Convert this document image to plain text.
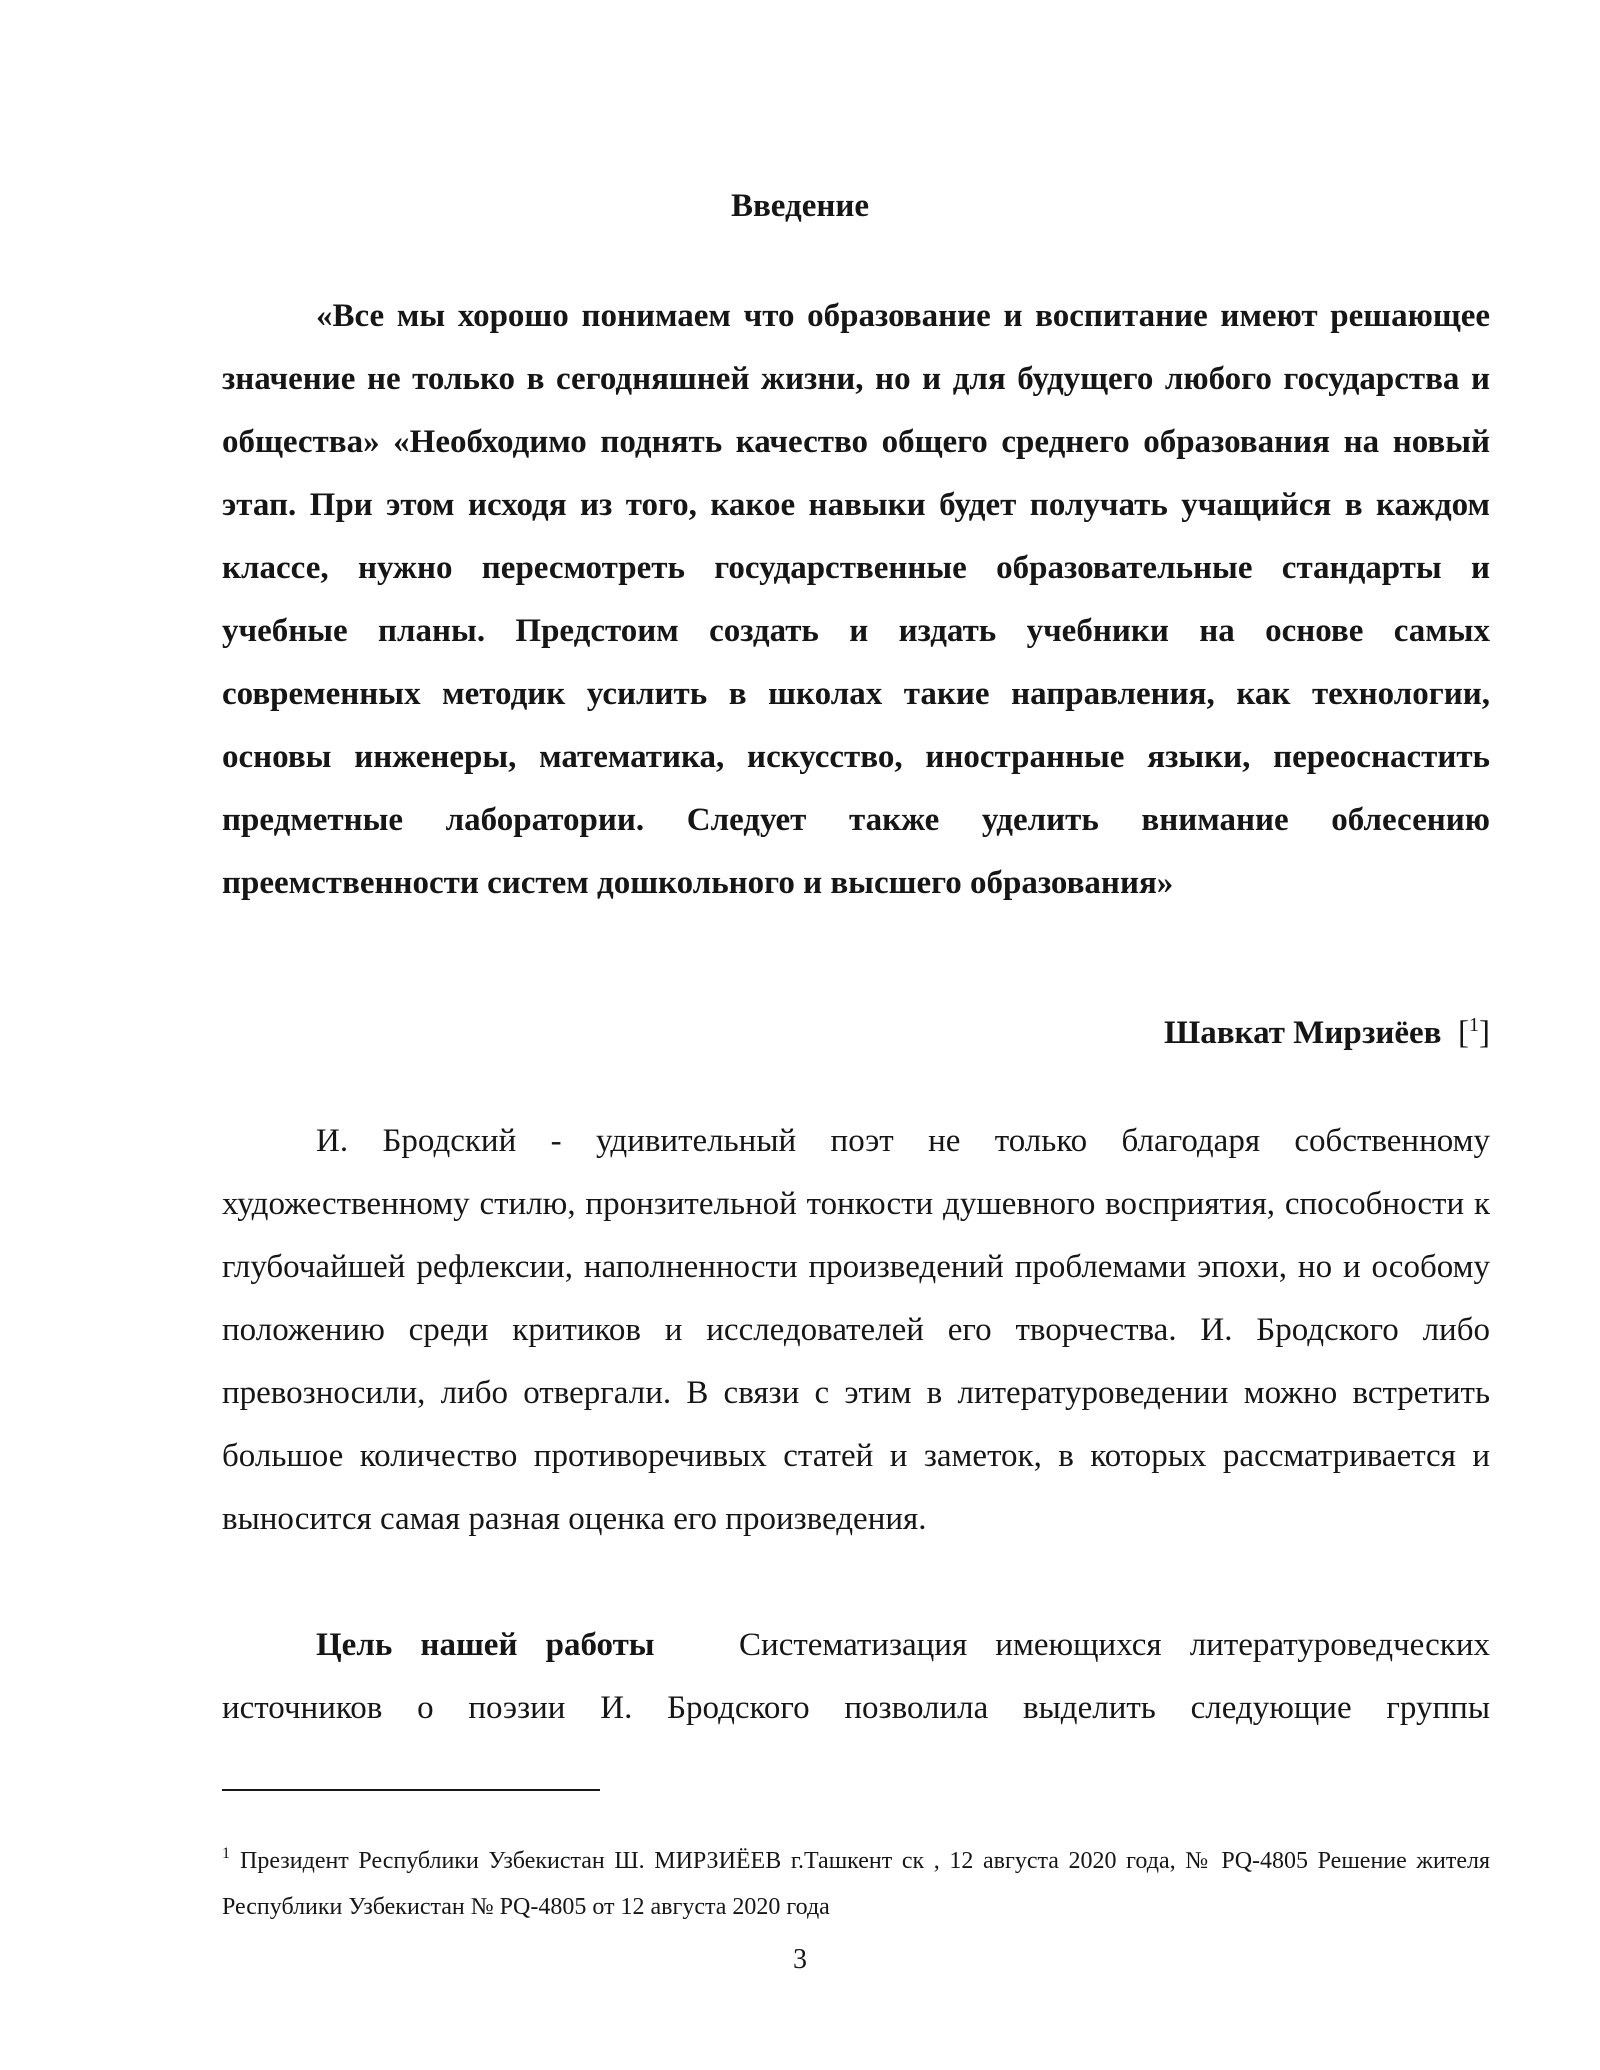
Введение

«Все мы хорошо понимаем что образование и воспитание имеют решающее значение не только в сегодняшней жизни, но и для будущего любого государства и общества» «Необходимо поднять качество общего среднего образования на новый этап. При этом исходя из того, какое навыки будет получать учащийся в каждом классе, нужно пересмотреть государственные образовательные стандарты и учебные планы. Предстоим создать и издать учебники на основе самых современных методик усилить в школах такие направления, как технологии, основы инженеры, математика, искусство, иностранные языки, переоснастить предметные лаборатории. Следует также уделить внимание облесению преемственности систем дошкольного и высшего образования»

Шавкат Мирзиёев [$^1$]

И. Бродский - удивительный поэт не только благодаря собственному художественному стилю, пронзительной тонкости душевного восприятия, способности к глубочайшей рефлексии, наполненности произведений проблемами эпохи, но и особому положению среди критиков и исследователей его творчества. И. Бродского либо превозносили, либо отвергали. В связи с этим в литературоведении можно встретить большое количество противоречивых статей и заметок, в которых рассматривается и выносится самая разная оценка его произведения.

Цель нашей работы	Систематизация имеющихся литературоведческих источников о поэзии И. Бродского позволила выделить следующие группы

$^1$ Президент Республики Узбекистан Ш. МИРЗИЁЕВ г.Ташкент ск , 12 августа 2020 года, № PQ-4805 Решение жителя Республики Узбекистан № PQ-4805 от 12 августа 2020 года
3
